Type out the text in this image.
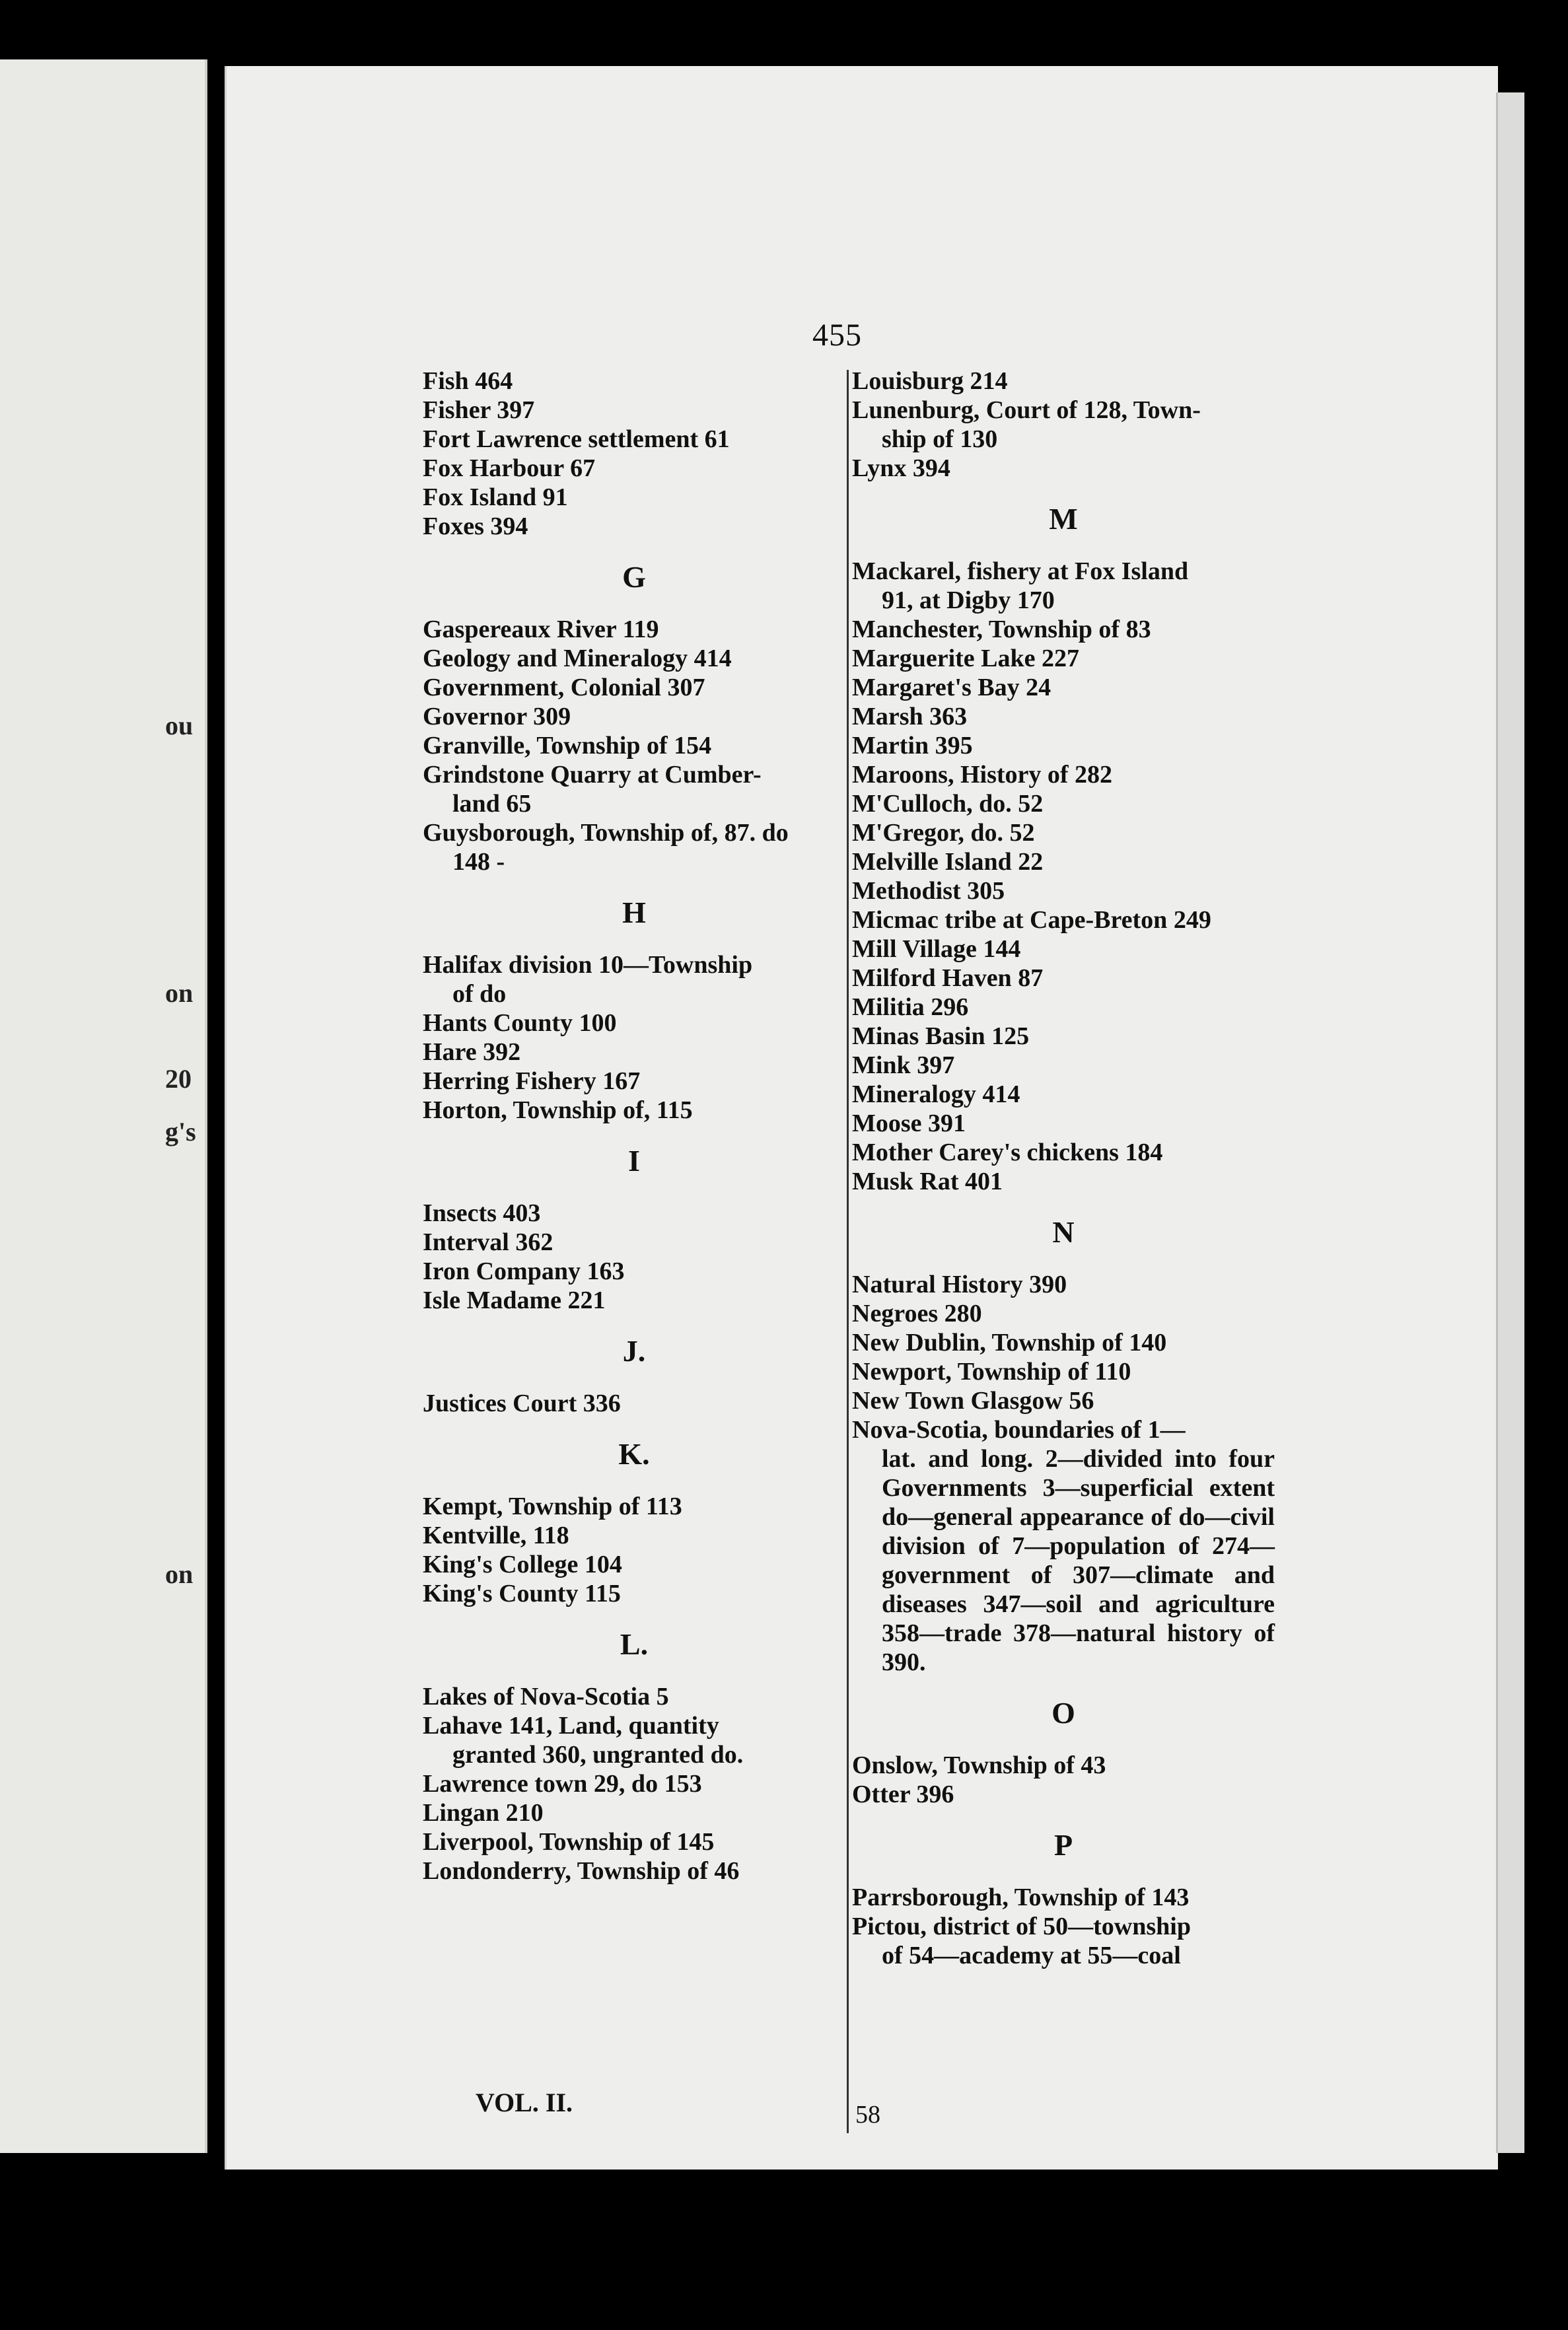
ou
on
20
g's
on
455
Fish 464
Fisher 397
Fort Lawrence settlement 61
Fox Harbour 67
Fox Island 91
Foxes 394
G
Gaspereaux River 119
Geology and Mineralogy 414
Government, Colonial 307
Governor 309
Granville, Township of 154
Grindstone Quarry at Cumber-
land 65
Guysborough, Township of, 87. do
148 -
H
Halifax division 10—Township
of do
Hants County 100
Hare 392
Herring Fishery 167
Horton, Township of, 115
I
Insects 403
Interval 362
Iron Company 163
Isle Madame 221
J.
Justices Court 336
K.
Kempt, Township of 113
Kentville, 118
King's College 104
King's County 115
L.
Lakes of Nova-Scotia 5
Lahave 141, Land, quantity
granted 360, ungranted do.
Lawrence town 29, do 153
Lingan 210
Liverpool, Township of 145
Londonderry, Township of 46
Louisburg 214
Lunenburg, Court of 128, Town-
ship of 130
Lynx 394
M
Mackarel, fishery at Fox Island
91, at Digby 170
Manchester, Township of 83
Marguerite Lake 227
Margaret's Bay 24
Marsh 363
Martin 395
Maroons, History of 282
M'Culloch, do. 52
M'Gregor, do. 52
Melville Island 22
Methodist 305
Micmac tribe at Cape-Breton 249
Mill Village 144
Milford Haven 87
Militia 296
Minas Basin 125
Mink 397
Mineralogy 414
Moose 391
Mother Carey's chickens 184
Musk Rat 401
N
Natural History 390
Negroes 280
New Dublin, Township of 140
Newport, Township of 110
New Town Glasgow 56
Nova-Scotia, boundaries of 1—
lat. and long. 2—divided into four Governments 3—superficial extent do—general appearance of do—civil division of 7—population of 274—government of 307—climate and diseases 347—soil and agriculture 358—trade 378—natural history of 390.
O
Onslow, Township of 43
Otter 396
P
Parrsborough, Township of 143
Pictou, district of 50—township
of 54—academy at 55—coal
VOL. II.	58
